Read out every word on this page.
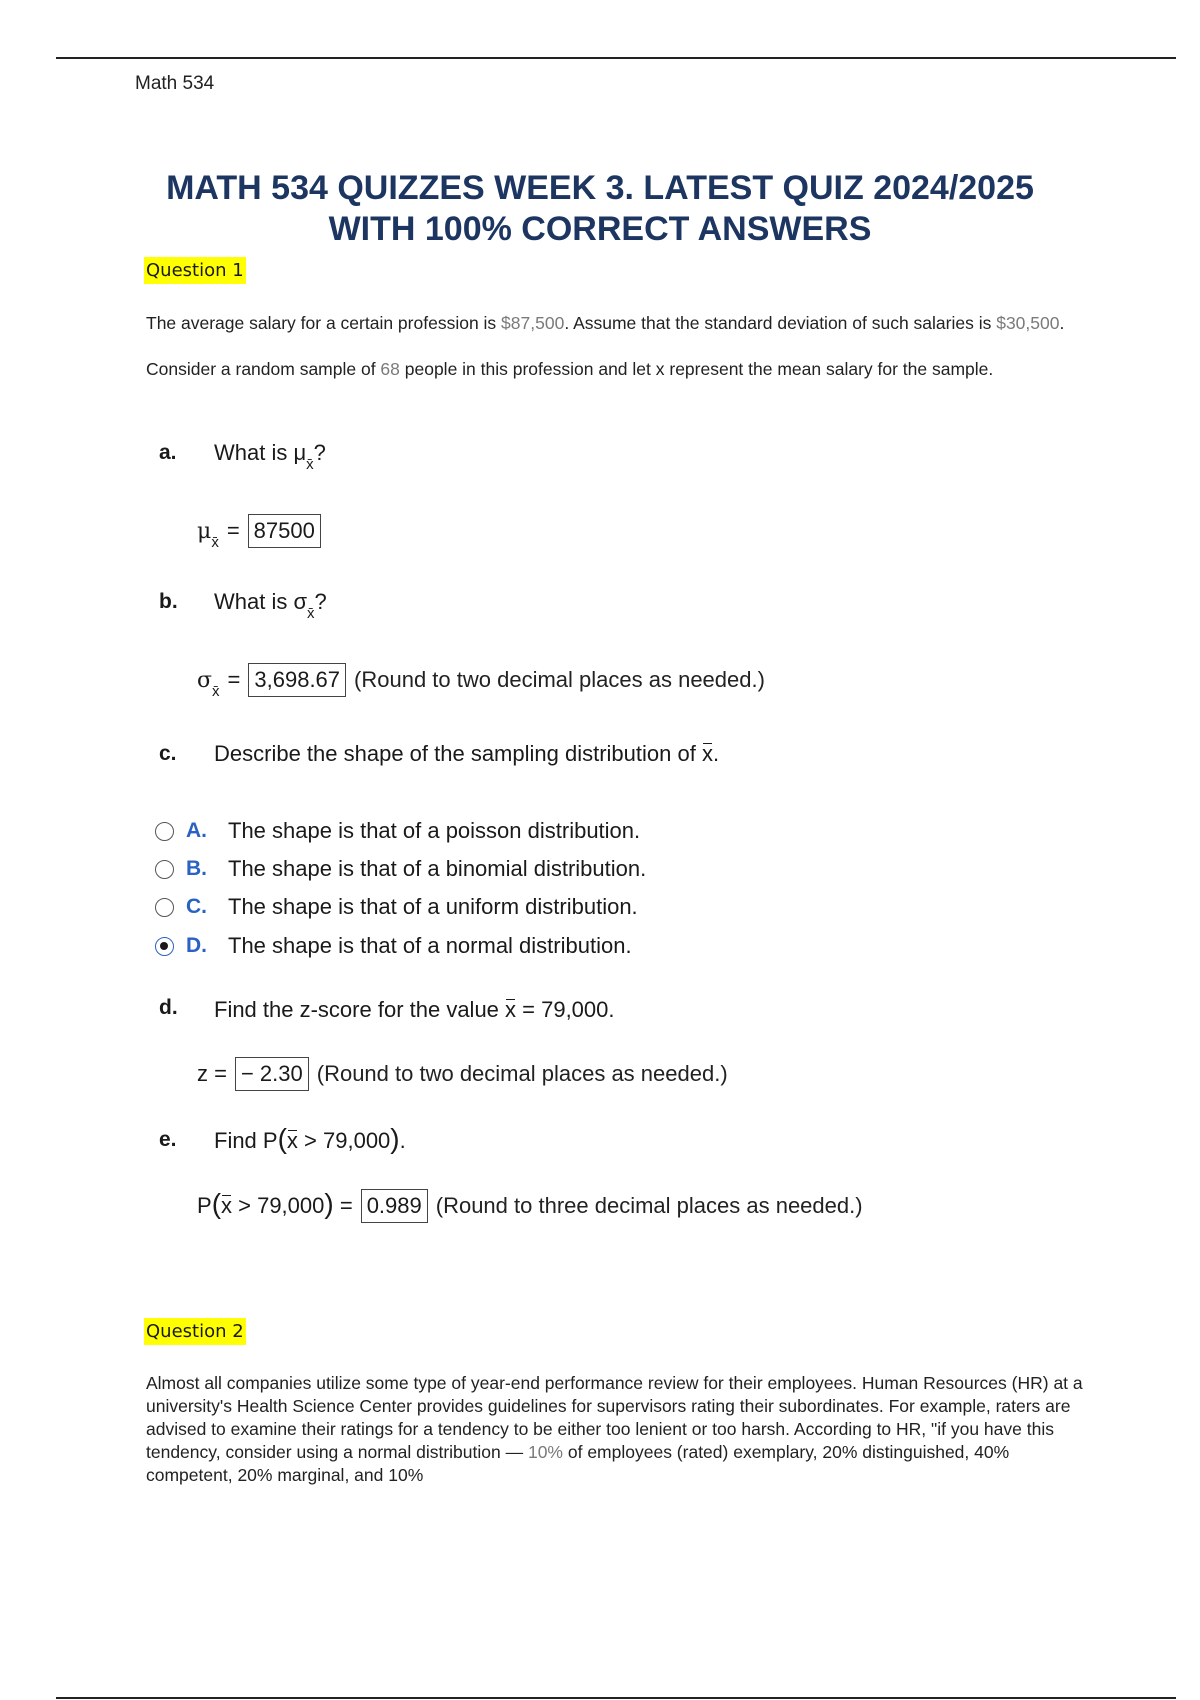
Math 534
MATH 534 QUIZZES WEEK 3. LATEST QUIZ 2024/2025
WITH 100% CORRECT ANSWERS
Question 1
The average salary for a certain profession is $87,500. Assume that the standard deviation of such salaries is $30,500.
Consider a random sample of 68 people in this profession and let x represent the mean salary for the sample.
a. What is $\mu_{x̄}$?
$\mu_{x̄} = 87500$
b. What is $\sigma_{x̄}$?
$\sigma_{x̄} = 3,698.67$ (Round to two decimal places as needed.)
c. Describe the shape of the sampling distribution of x.
A. The shape is that of a poisson distribution.
B. The shape is that of a binomial distribution.
C. The shape is that of a uniform distribution.
D. The shape is that of a normal distribution.
d. Find the z-score for the value x = 79,000.
z = − 2.30 (Round to two decimal places as needed.)
e. Find P(x > 79,000).
P(x > 79,000) = 0.989 (Round to three decimal places as needed.)
Question 2
Almost all companies utilize some type of year-end performance review for their employees. Human Resources (HR) at a university's Health Science Center provides guidelines for supervisors rating their subordinates. For example, raters are advised to examine their ratings for a tendency to be either too lenient or too harsh. According to HR, "if you have this tendency, consider using a normal distribution — 10% of employees (rated) exemplary, 20% distinguished, 40% competent, 20% marginal, and 10%
